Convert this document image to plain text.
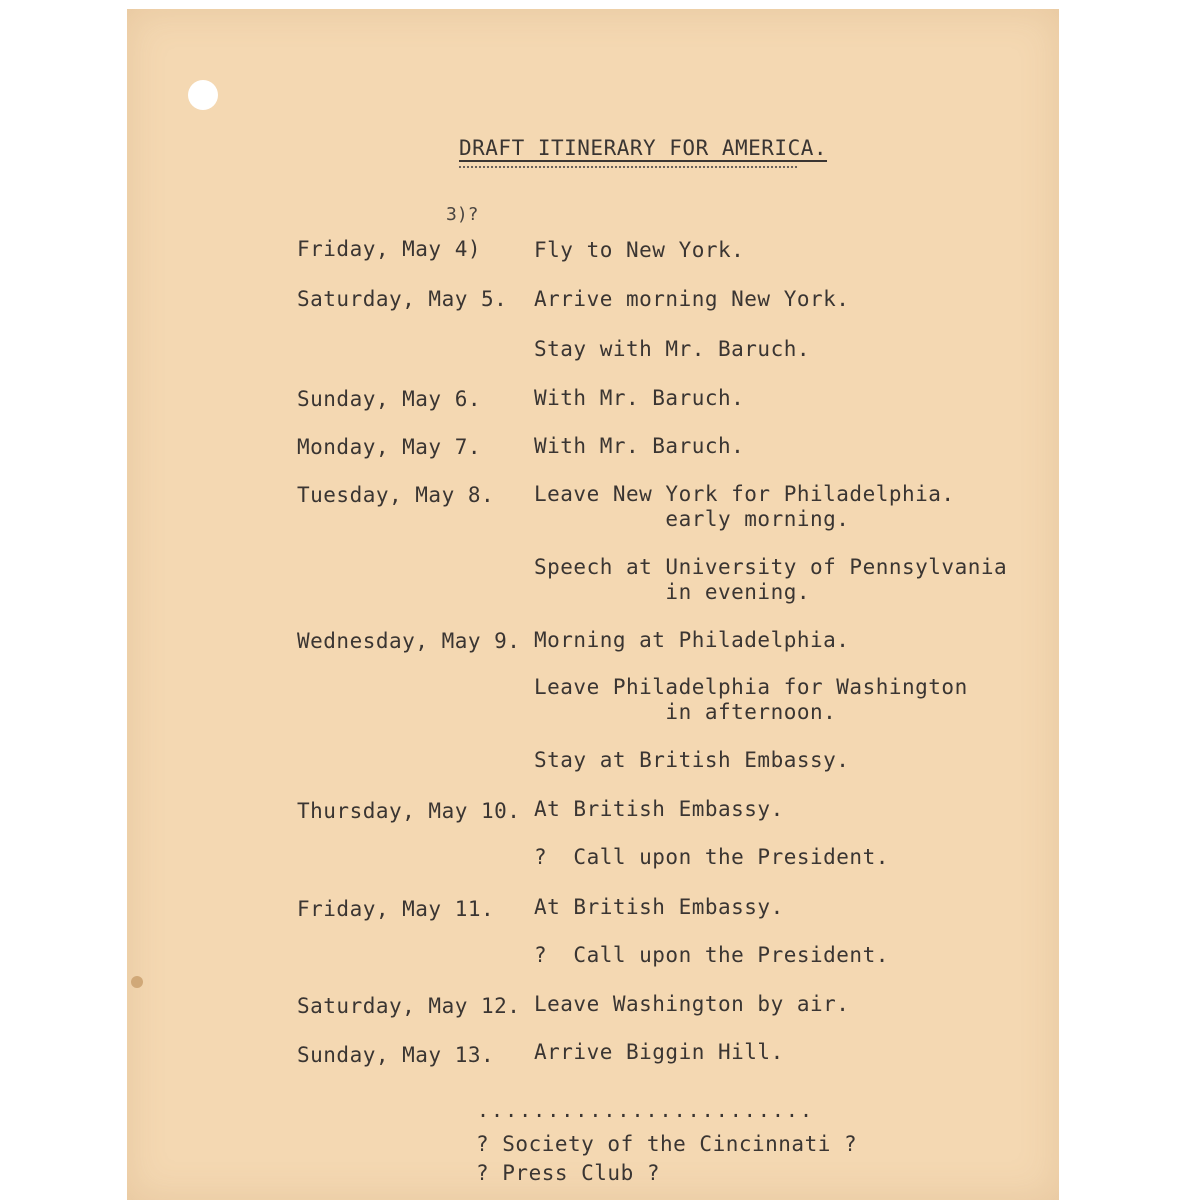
DRAFT ITINERARY FOR AMERICA.
3)?
Friday, May 4)	Fly to New York.
Saturday, May 5. Arrive morning New York.
Stay with Mr. Baruch.
Sunday, May 6.	With Mr. Baruch.
Monday, May 7.	With Mr. Baruch.
Tuesday, May 8. Leave New York for Philadelphia.
early morning.
Speech at University of Pennsylvania
in evening.
Wednesday, May 9. Morning at Philadelphia.
Leave Philadelphia for Washington
in afternoon.
Stay at British Embassy.
Thursday, May 10. At British Embassy.
?  Call upon the President.
Friday, May 11. At British Embassy.
?  Call upon the President.
Saturday, May 12. Leave Washington by air.
Sunday, May 13. Arrive Biggin Hill.
........................
? Society of the Cincinnati ?
? Press Club ?
